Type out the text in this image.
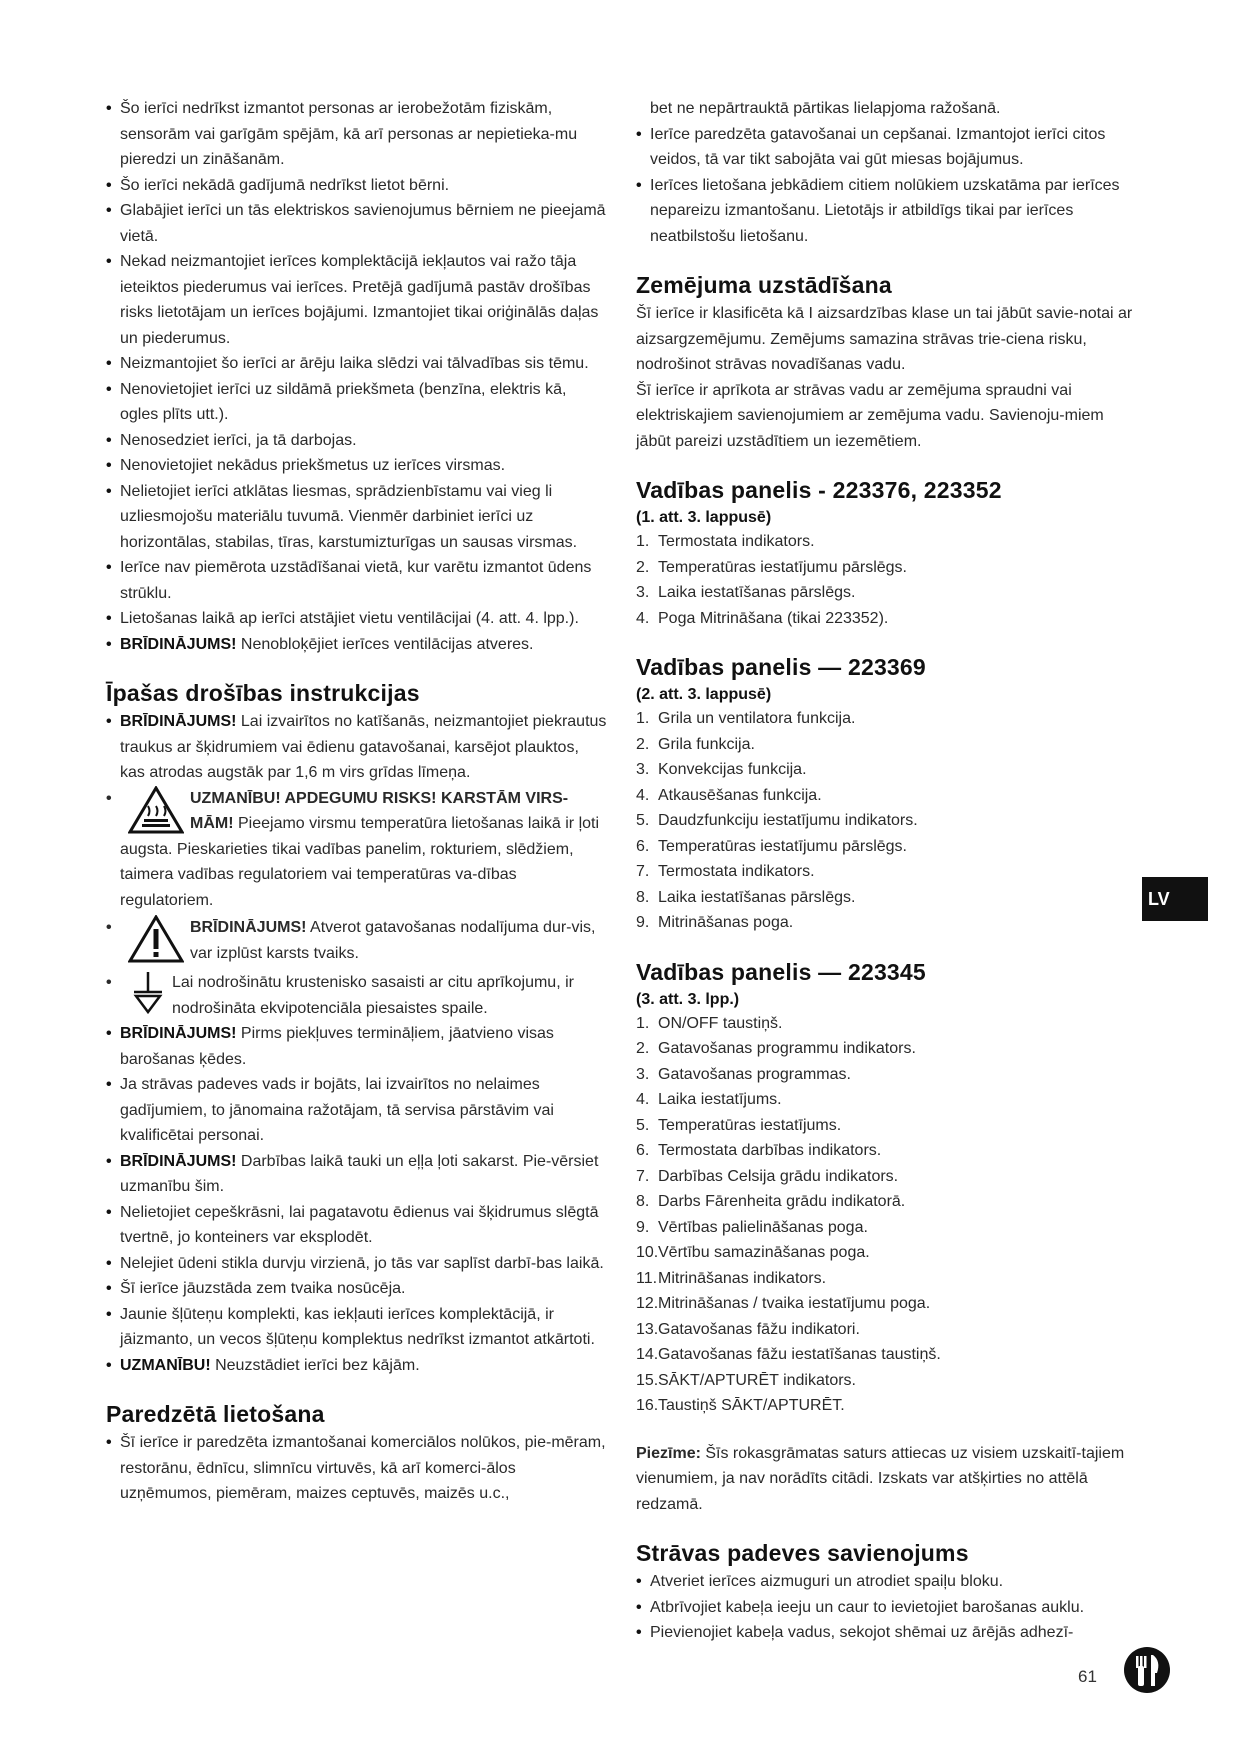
• Šo ierīci nedrīkst izmantot personas ar ierobežotām fiziskām, sensorām vai garīgām spējām, kā arī personas ar nepietieka-mu pieredzi un zināšanām.
• Šo ierīci nekādā gadījumā nedrīkst lietot bērni.
• Glabājiet ierīci un tās elektriskos savienojumus bērniem ne pieejamā vietā.
• Nekad neizmantojiet ierīces komplektācijā iekļautos vai ražo tāja ieteiktos piederumus vai ierīces. Pretējā gadījumā pastāv drošības risks lietotājam un ierīces bojājumi. Izmantojiet tikai oriģinālās daļas un piederumus.
• Neizmantojiet šo ierīci ar ārēju laika slēdzi vai tālvadības sis tēmu.
• Nenovietojiet ierīci uz sildāmā priekšmeta (benzīna, elektris kā, ogles plīts utt.).
• Nenosedziet ierīci, ja tā darbojas.
• Nenovietojiet nekādus priekšmetus uz ierīces virsmas.
• Nelietojiet ierīci atklātas liesmas, sprādzienbīstamu vai vieg li uzliesmojošu materiālu tuvumā. Vienmēr darbiniet ierīci uz horizontālas, stabilas, tīras, karstumizturīgas un sausas virsmas.
• Ierīce nav piemērota uzstādīšanai vietā, kur varētu izmantot ūdens strūklu.
• Lietošanas laikā ap ierīci atstājiet vietu ventilācijai (4. att. 4. lpp.).
• BRĪDINĀJUMS! Nenobloķējiet ierīces ventilācijas atveres.
Īpašas drošības instrukcijas
• BRĪDINĀJUMS! Lai izvairītos no katīšanās, neizmantojiet piekrautus traukus ar šķidrumiem vai ēdienu gatavošanai, karsējot plauktos, kas atrodas augstāk par 1,6 m virs grīdas līmeņa.
•	UZMANĪBU! APDEGUMU RISKS! KARSTĀM VIRS-MĀM! Pieejamo virsmu temperatūra lietošanas laikā ir ļoti augsta. Pieskarieties tikai vadības panelim, rokturiem, slēdžiem, taimera vadības regulatoriem vai temperatūras va-dības regulatoriem.
•	BRĪDINĀJUMS! Atverot gatavošanas nodalījuma dur-vis, var izplūst karsts tvaiks.
•	Lai nodrošinātu krustenisko sasaisti ar citu aprīkojumu, ir nodrošināta ekvipotenciāla piesaistes spaile.
• BRĪDINĀJUMS! Pirms piekļuves termināļiem, jāatvieno visas barošanas ķēdes.
• Ja strāvas padeves vads ir bojāts, lai izvairītos no nelaimes gadījumiem, to jānomaina ražotājam, tā servisa pārstāvim vai kvalificētai personai.
• BRĪDINĀJUMS! Darbības laikā tauki un eļļa ļoti sakarst. Pie-vērsiet uzmanību šim.
• Nelietojiet cepeškrāsni, lai pagatavotu ēdienus vai šķidrumus slēgtā tvertnē, jo konteiners var eksplodēt.
• Nelejiet ūdeni stikla durvju virzienā, jo tās var saplīst darbī-bas laikā.
• Šī ierīce jāuzstāda zem tvaika nosūcēja.
• Jaunie šļūteņu komplekti, kas iekļauti ierīces komplektācijā, ir jāizmanto, un vecos šļūteņu komplektus nedrīkst izmantot atkārtoti.
• UZMANĪBU! Neuzstādiet ierīci bez kājām.
Paredzētā lietošana
• Šī ierīce ir paredzēta izmantošanai komerciālos nolūkos, pie-mēram, restorānu, ēdnīcu, slimnīcu virtuvēs, kā arī komerci-ālos uzņēmumos, piemēram, maizes ceptuvēs, maizēs u.c.,
bet ne nepārtrauktā pārtikas lielapjoma ražošanā.
• Ierīce paredzēta gatavošanai un cepšanai. Izmantojot ierīci citos veidos, tā var tikt sabojāta vai gūt miesas bojājumus.
• Ierīces lietošana jebkādiem citiem nolūkiem uzskatāma par ierīces nepareizu izmantošanu. Lietotājs ir atbildīgs tikai par ierīces neatbilstošu lietošanu.
Zemējuma uzstādīšana
Šī ierīce ir klasificēta kā I aizsardzības klase un tai jābūt savie-notai ar aizsargzemējumu. Zemējums samazina strāvas trie-ciena risku, nodrošinot strāvas novadīšanas vadu.
Šī ierīce ir aprīkota ar strāvas vadu ar zemējuma spraudni vai elektriskajiem savienojumiem ar zemējuma vadu. Savienoju-miem jābūt pareizi uzstādītiem un iezemētiem.
Vadības panelis - 223376, 223352
(1. att. 3. lappusē)
1. Termostata indikators.
2. Temperatūras iestatījumu pārslēgs.
3. Laika iestatīšanas pārslēgs.
4. Poga Mitrināšana (tikai 223352).
Vadības panelis — 223369
(2. att. 3. lappusē)
1. Grila un ventilatora funkcija.
2. Grila funkcija.
3. Konvekcijas funkcija.
4. Atkausēšanas funkcija.
5. Daudzfunkciju iestatījumu indikators.
6. Temperatūras iestatījumu pārslēgs.
7. Termostata indikators.
8. Laika iestatīšanas pārslēgs.
9. Mitrināšanas poga.
Vadības panelis — 223345
(3. att. 3. lpp.)
1. ON/OFF taustiņš.
2. Gatavošanas programmu indikators.
3. Gatavošanas programmas.
4. Laika iestatījums.
5. Temperatūras iestatījums.
6. Termostata darbības indikators.
7. Darbības Celsija grādu indikators.
8. Darbs Fārenheita grādu indikatorā.
9. Vērtības palielināšanas poga.
10. Vērtību samazināšanas poga.
11. Mitrināšanas indikators.
12. Mitrināšanas / tvaika iestatījumu poga.
13. Gatavošanas fāžu indikatori.
14. Gatavošanas fāžu iestatīšanas taustiņš.
15. SĀKT/APTURĒT indikators.
16. Taustiņš SĀKT/APTURĒT.
Piezīme: Šīs rokasgrāmatas saturs attiecas uz visiem uzskaitī-tajiem vienumiem, ja nav norādīts citādi. Izskats var atšķirties no attēlā redzamā.
Strāvas padeves savienojums
• Atveriet ierīces aizmuguri un atrodiet spaiļu bloku.
• Atbrīvojiet kabeļa ieeju un caur to ievietojiet barošanas auklu.
• Pievienojiet kabeļa vadus, sekojot shēmai uz ārējās adhezī-
LV
61
